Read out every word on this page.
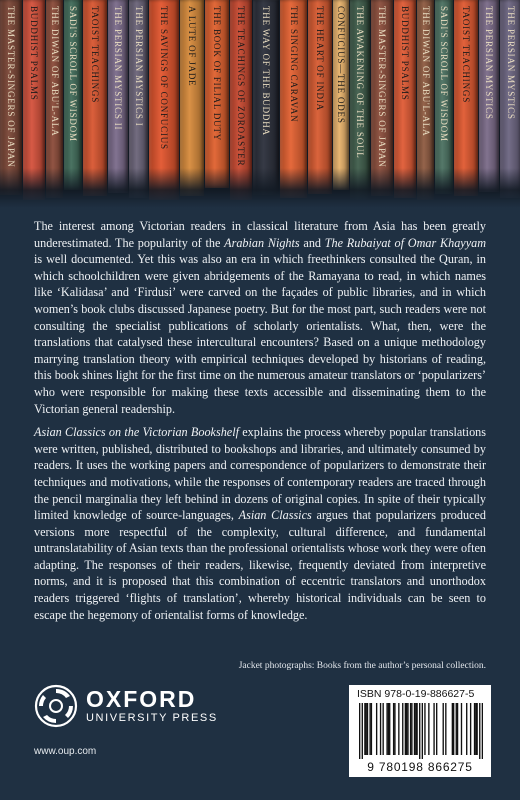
THE MASTER-SINGERS OF JAPAN BUDDHIST PSALMS THE DIWAN OF ABU'L-ALA SADI'S SCROLL OF WISDOM TAOIST TEACHINGS THE PERSIAN MYSTICS II THE PERSIAN MYSTICS I THE SAVINGS OF CONFUCIUS A LUTE OF JADE THE BOOK OF FILIAL DUTY THE TEACHINGS OF ZOROASTER THE WAY OF THE BUDDHA THE SINGING CARAVAN THE HEART OF INDIA CONFUCIUS—THE ODES THE AWAKENING OF THE SOUL THE MASTER-SINGERS OF JAPAN BUDDHIST PSALMS THE DIWAN OF ABU'L-ALA SADI'S SCROLL OF WISDOM TAOIST TEACHINGS THE PERSIAN MYSTICS THE PERSIAN MYSTICS

The interest among Victorian readers in classical literature from Asia has been greatly underestimated. The popularity of the Arabian Nights and The Rubaiyat of Omar Khayyam is well documented. Yet this was also an era in which freethinkers consulted the Quran, in which schoolchildren were given abridgements of the Ramayana to read, in which names like ‘Kalidasa’ and ‘Firdusi’ were carved on the façades of public libraries, and in which women’s book clubs discussed Japanese poetry. But for the most part, such readers were not consulting the specialist publications of scholarly orientalists. What, then, were the translations that catalysed these intercultural encounters? Based on a unique methodology marrying translation theory with empirical techniques developed by historians of reading, this book shines light for the first time on the numerous amateur translators or ‘popularizers’ who were responsible for making these texts accessible and disseminating them to the Victorian general readership.

Asian Classics on the Victorian Bookshelf explains the process whereby popular translations were written, published, distributed to bookshops and libraries, and ultimately consumed by readers. It uses the working papers and correspondence of popularizers to demonstrate their techniques and motivations, while the responses of contemporary readers are traced through the pencil marginalia they left behind in dozens of original copies. In spite of their typically limited knowledge of source-languages, Asian Classics argues that popularizers produced versions more respectful of the complexity, cultural difference, and fundamental untranslatability of Asian texts than the professional orientalists whose work they were often adapting. The responses of their readers, likewise, frequently deviated from interpretive norms, and it is proposed that this combination of eccentric translators and unorthodox readers triggered ‘flights of translation’, whereby historical individuals can be seen to escape the hegemony of orientalist forms of knowledge.

Jacket photographs: Books from the author’s personal collection.
OXFORD
UNIVERSITY PRESS
www.oup.com
ISBN 978-0-19-886627-5
9 780198 866275
